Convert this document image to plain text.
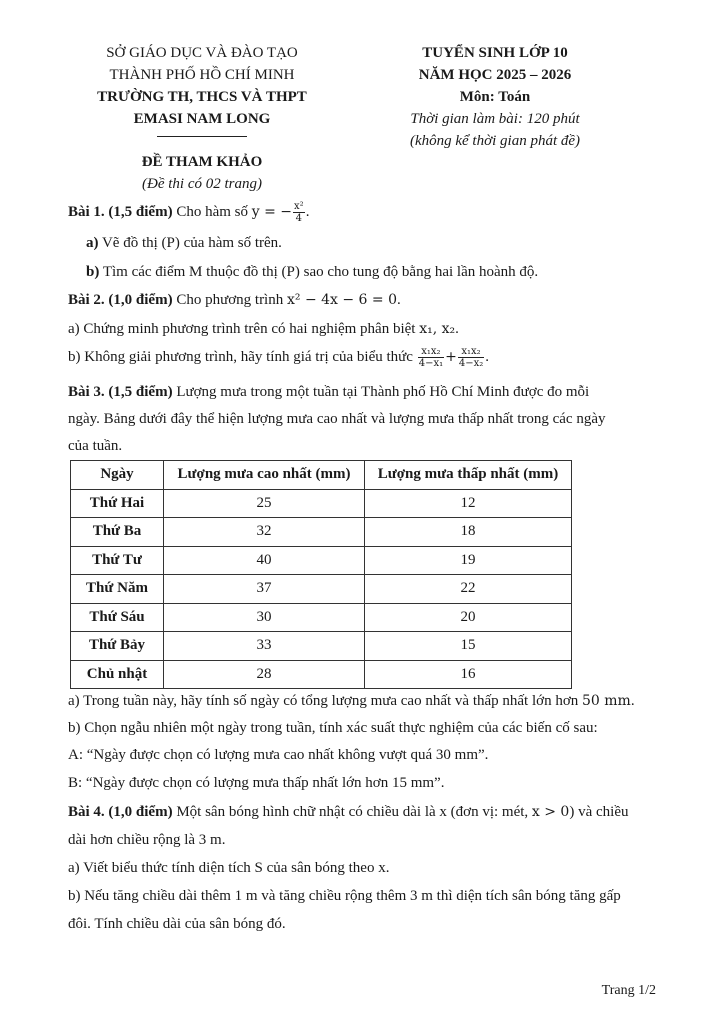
SỞ GIÁO DỤC VÀ ĐÀO TẠO
THÀNH PHỐ HỒ CHÍ MINH
TRƯỜNG TH, THCS VÀ THPT
EMASI NAM LONG
TUYỂN SINH LỚP 10
NĂM HỌC 2025 – 2026
Môn: Toán
Thời gian làm bài: 120 phút
(không kể thời gian phát đề)
ĐỀ THAM KHẢO
(Đề thi có 02 trang)
Bài 1. (1,5 điểm) Cho hàm số y = − $\frac{\text{x²}}{4}$ .
a) Vẽ đồ thị (P) của hàm số trên.
b) Tìm các điểm M thuộc đồ thị (P) sao cho tung độ bằng hai lần hoành độ.
Bài 2. (1,0 điểm) Cho phương trình x² − 4x − 6 = 0.
a) Chứng minh phương trình trên có hai nghiệm phân biệt x₁, x₂.
b) Không giải phương trình, hãy tính giá trị của biểu thức $\frac{\text{x₁x₂}}{\text{4−x₁}} + \frac{\text{x₁x₂}}{\text{4−x₂}}$ .
Bài 3. (1,5 điểm) Lượng mưa trong một tuần tại Thành phố Hồ Chí Minh được đo mỗi
ngày. Bảng dưới đây thể hiện lượng mưa cao nhất và lượng mưa thấp nhất trong các ngày
của tuần.
Ngày	Lượng mưa cao nhất (mm)	Lượng mưa thấp nhất (mm)
Thứ Hai	25	12
Thứ Ba	32	18
Thứ Tư	40	19
Thứ Năm	37	22
Thứ Sáu	30	20
Thứ Bảy	33	15
Chủ nhật	28	16
a) Trong tuần này, hãy tính số ngày có tổng lượng mưa cao nhất và thấp nhất lớn hơn 50 mm.
b) Chọn ngẫu nhiên một ngày trong tuần, tính xác suất thực nghiệm của các biến cố sau:
A: “Ngày được chọn có lượng mưa cao nhất không vượt quá 30 mm”.
B: “Ngày được chọn có lượng mưa thấp nhất lớn hơn 15 mm”.
Bài 4. (1,0 điểm) Một sân bóng hình chữ nhật có chiều dài là x (đơn vị: mét, x > 0) và chiều
dài hơn chiều rộng là 3 m.
a) Viết biểu thức tính diện tích S của sân bóng theo x.
b) Nếu tăng chiều dài thêm 1 m và tăng chiều rộng thêm 3 m thì diện tích sân bóng tăng gấp
đôi. Tính chiều dài của sân bóng đó.
Trang 1/2
